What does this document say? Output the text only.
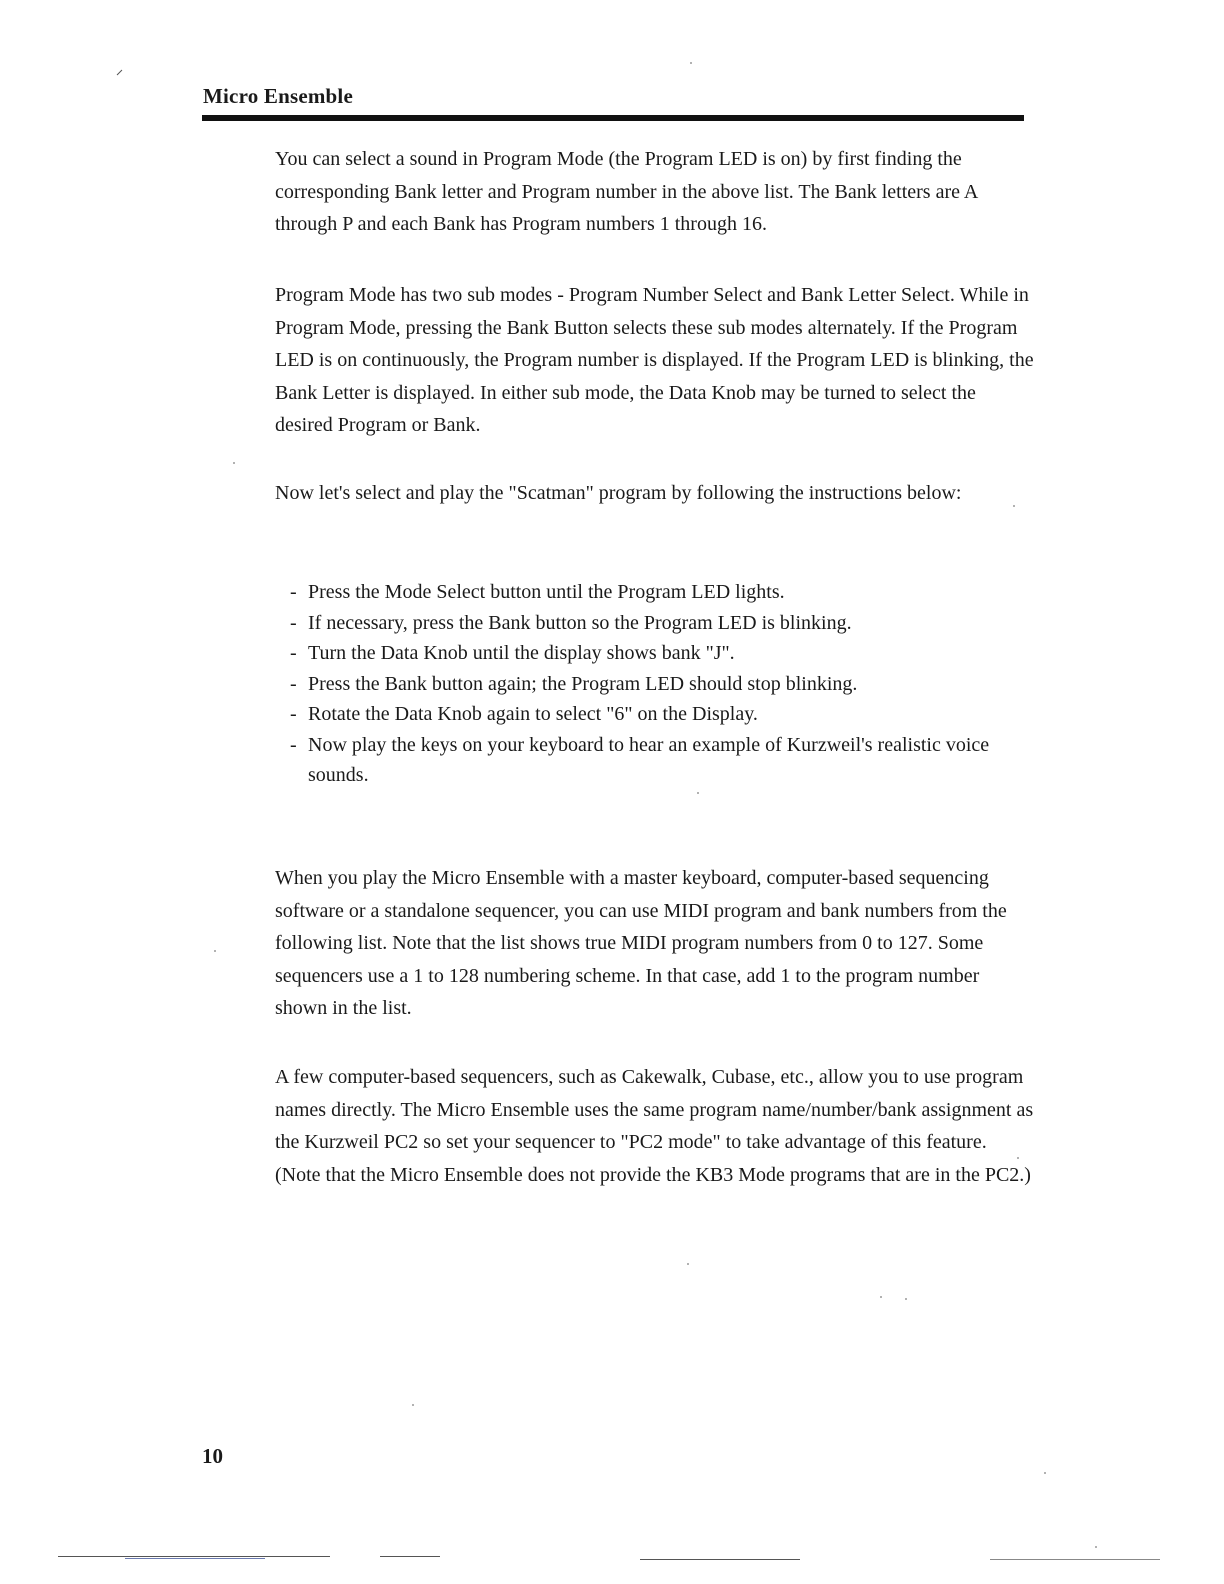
Micro Ensemble

You can select a sound in Program Mode (the Program LED is on) by first finding the corresponding Bank letter and Program number in the above list. The Bank letters are A through P and each Bank has Program numbers 1 through 16.

Program Mode has two sub modes - Program Number Select and Bank Letter Select. While in Program Mode, pressing the Bank Button selects these sub modes alternately. If the Program LED is on continuously, the Program number is displayed. If the Program LED is blinking, the Bank Letter is displayed. In either sub mode, the Data Knob may be turned to select the desired Program or Bank.

Now let's select and play the "Scatman" program by following the instructions below:

- Press the Mode Select button until the Program LED lights.
- If necessary, press the Bank button so the Program LED is blinking.
- Turn the Data Knob until the display shows bank "J".
- Press the Bank button again; the Program LED should stop blinking.
- Rotate the Data Knob again to select "6" on the Display.
- Now play the keys on your keyboard to hear an example of Kurzweil's realistic voice sounds.

When you play the Micro Ensemble with a master keyboard, computer-based sequencing software or a standalone sequencer, you can use MIDI program and bank numbers from the following list. Note that the list shows true MIDI program numbers from 0 to 127. Some sequencers use a 1 to 128 numbering scheme. In that case, add 1 to the program number shown in the list.

A few computer-based sequencers, such as Cakewalk, Cubase, etc., allow you to use program names directly. The Micro Ensemble uses the same program name/number/bank assignment as the Kurzweil PC2 so set your sequencer to "PC2 mode" to take advantage of this feature. (Note that the Micro Ensemble does not provide the KB3 Mode programs that are in the PC2.)

10
